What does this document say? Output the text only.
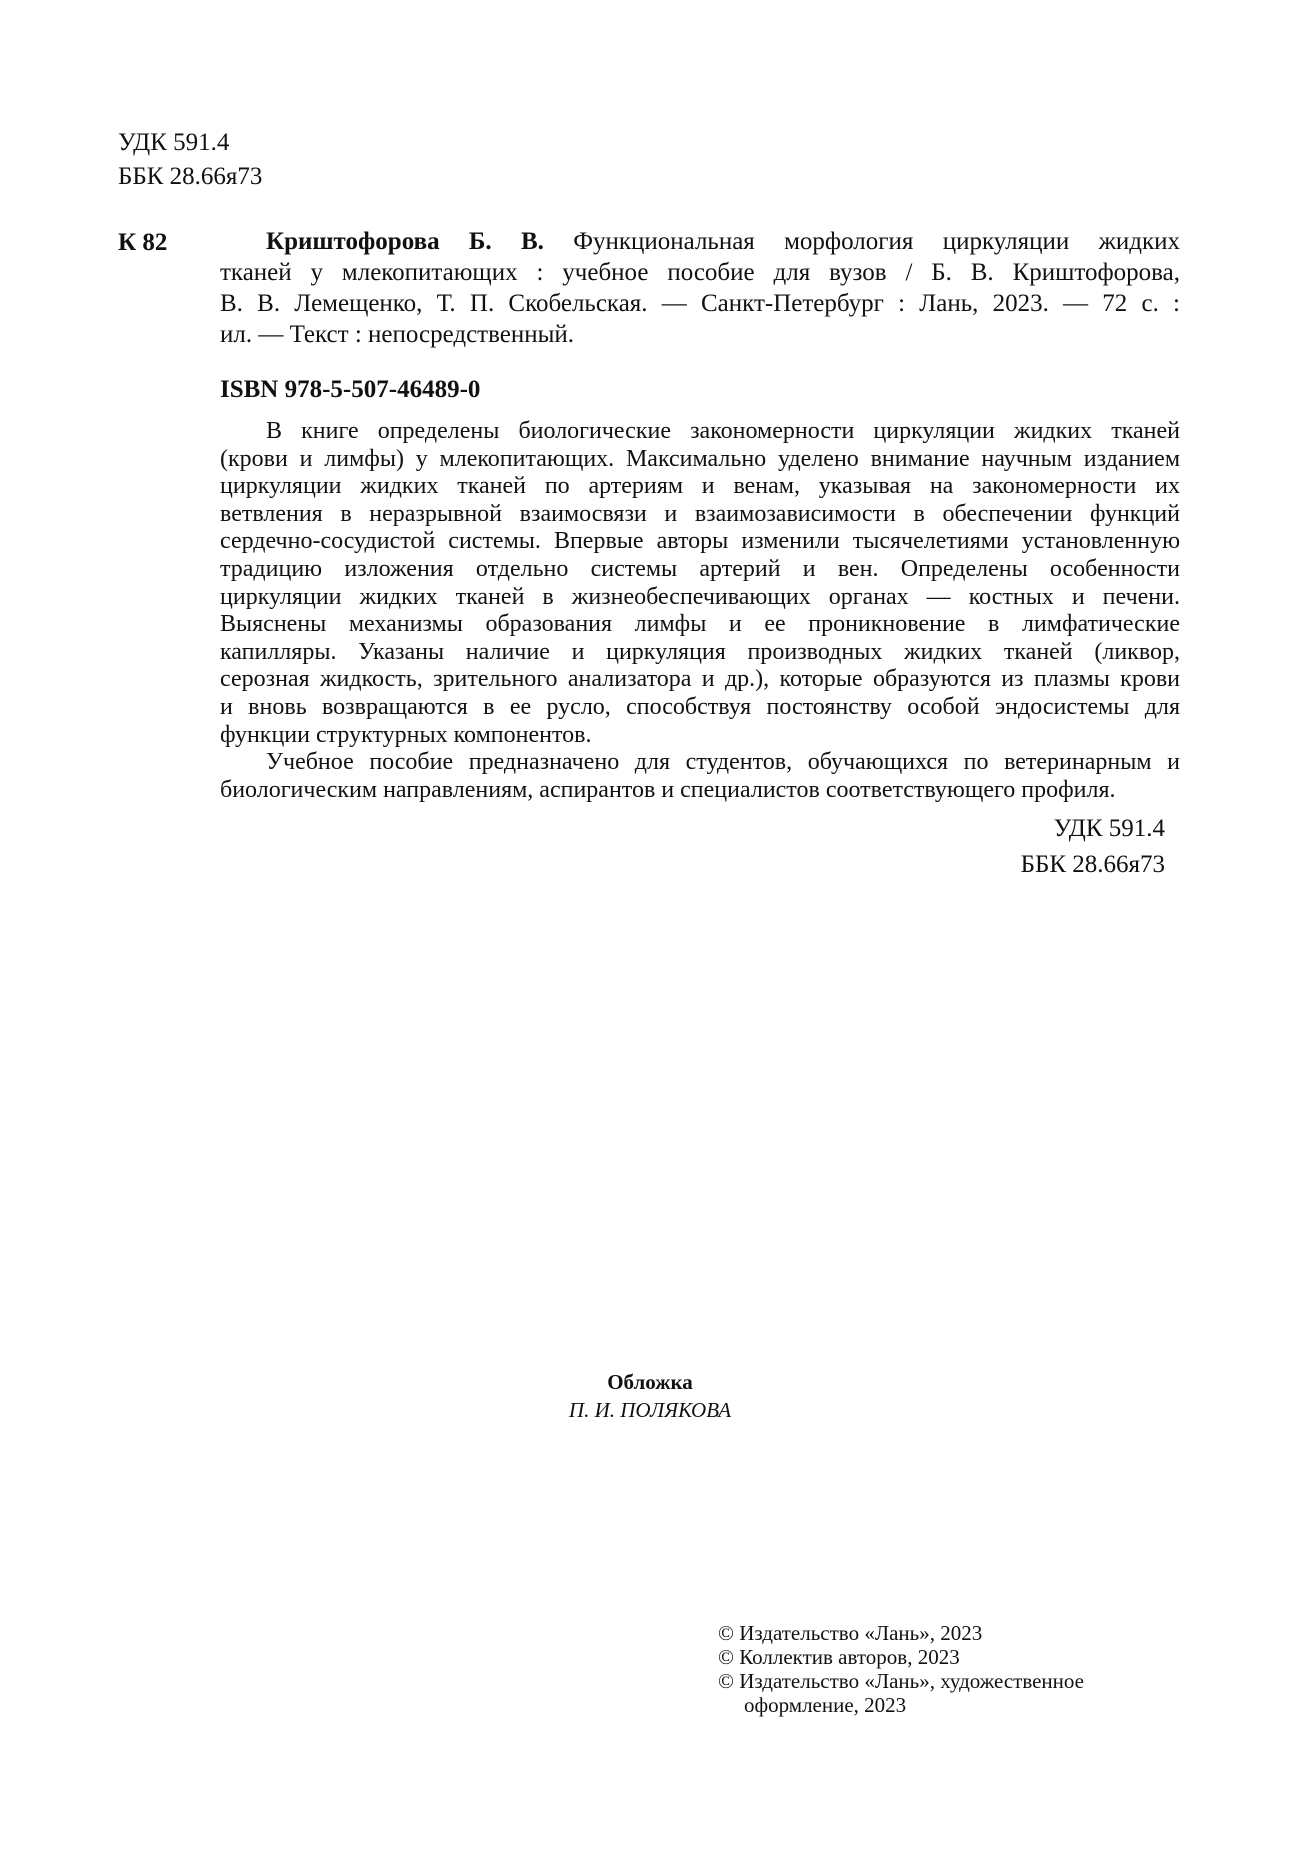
УДК 591.4
ББК 28.66я73
К 82	Криштофорова Б. В. Функциональная морфология циркуляции жидких
тканей у млекопитающих : учебное пособие для вузов / Б. В. Криштофорова,
В. В. Лемещенко, Т. П. Скобельская. — Санкт-Петербург : Лань, 2023. — 72 с. :
ил. — Текст : непосредственный.
ISBN 978-5-507-46489-0
В книге определены биологические закономерности циркуляции жидких тканей
(крови и лимфы) у млекопитающих. Максимально уделено внимание научным изданием
циркуляции жидких тканей по артериям и венам, указывая на закономерности их
ветвления в неразрывной взаимосвязи и взаимозависимости в обеспечении функций
сердечно-сосудистой системы. Впервые авторы изменили тысячелетиями установленную
традицию изложения отдельно системы артерий и вен. Определены особенности
циркуляции жидких тканей в жизнеобеспечивающих органах — костных и печени.
Выяснены механизмы образования лимфы и ее проникновение в лимфатические
капилляры. Указаны наличие и циркуляция производных жидких тканей (ликвор,
серозная жидкость, зрительного анализатора и др.), которые образуются из плазмы крови
и вновь возвращаются в ее русло, способствуя постоянству особой эндосистемы для
функции структурных компонентов.
Учебное пособие предназначено для студентов, обучающихся по ветеринарным и
биологическим направлениям, аспирантов и специалистов соответствующего профиля.
УДК 591.4
ББК 28.66я73
Обложка
П. И. ПОЛЯКОВА
© Издательство «Лань», 2023
© Коллектив авторов, 2023
© Издательство «Лань», художественное
оформление, 2023
